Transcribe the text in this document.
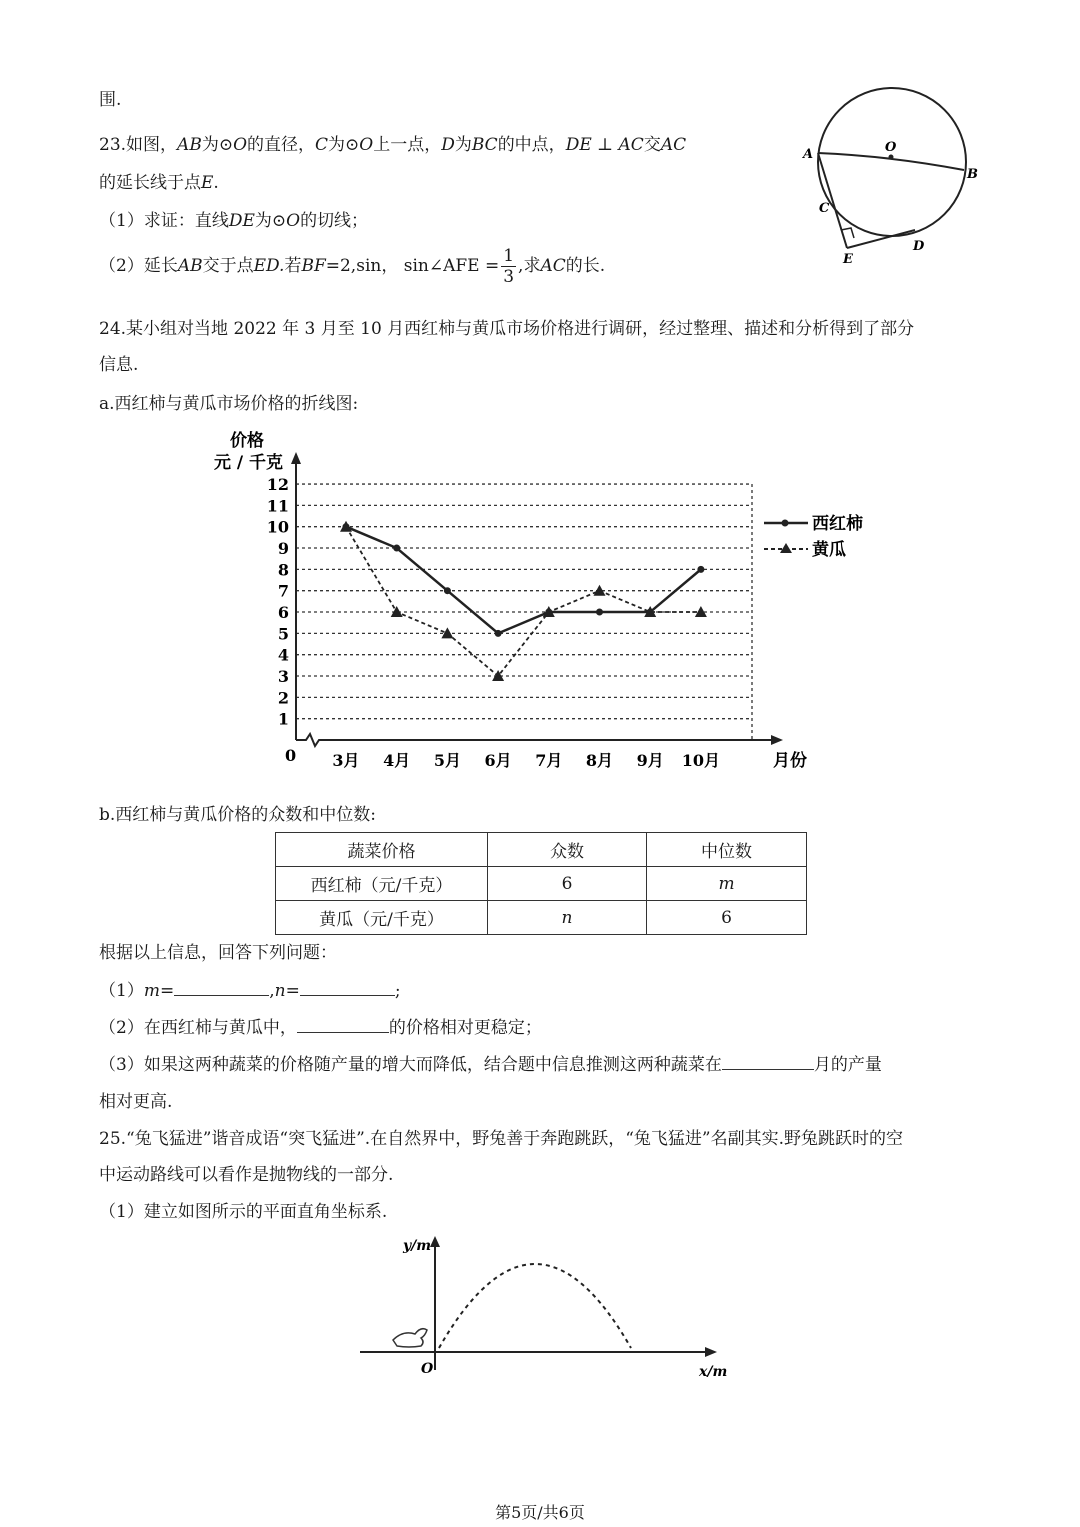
围.
23.如图，AB为⊙O的直径，C为⊙O上一点，D为BC的中点，DE ⊥ AC交AC
的延长线于点E.
（1）求证：直线DE为⊙O的切线；
（2）延长AB交于点ED.若BF=2,sin， sin∠AFE = $\frac{1}{3}$ ,求AC的长.
A
B
C
D
E
O
24.某小组对当地 2022 年 3 月至 10 月西红柿与黄瓜市场价格进行调研，经过整理、描述和分析得到了部分
信息.
a.西红柿与黄瓜市场价格的折线图:
价格
元 / 千克
月份
0
1
2
3
4
5
6
7
8
9
10
11
12
3月 4月 5月 6月 7月 8月 9月 10月
西红柿
黄瓜
b.西红柿与黄瓜价格的众数和中位数:
蔬菜价格	众数	中位数
西红柿（元/千克）	6	m
黄瓜（元/千克）	n	6
根据以上信息，回答下列问题：
（1）m=	,n=	;
（2）在西红柿与黄瓜中，	的价格相对更稳定；
（3）如果这两种蔬菜的价格随产量的增大而降低，结合题中信息推测这两种蔬菜在	月的产量
相对更高.
25.“兔飞猛进”谐音成语“突飞猛进”.在自然界中，野兔善于奔跑跳跃，“兔飞猛进”名副其实.野兔跳跃时的空
中运动路线可以看作是抛物线的一部分.
（1）建立如图所示的平面直角坐标系.
y/m
x/m
O
第5页/共6页
